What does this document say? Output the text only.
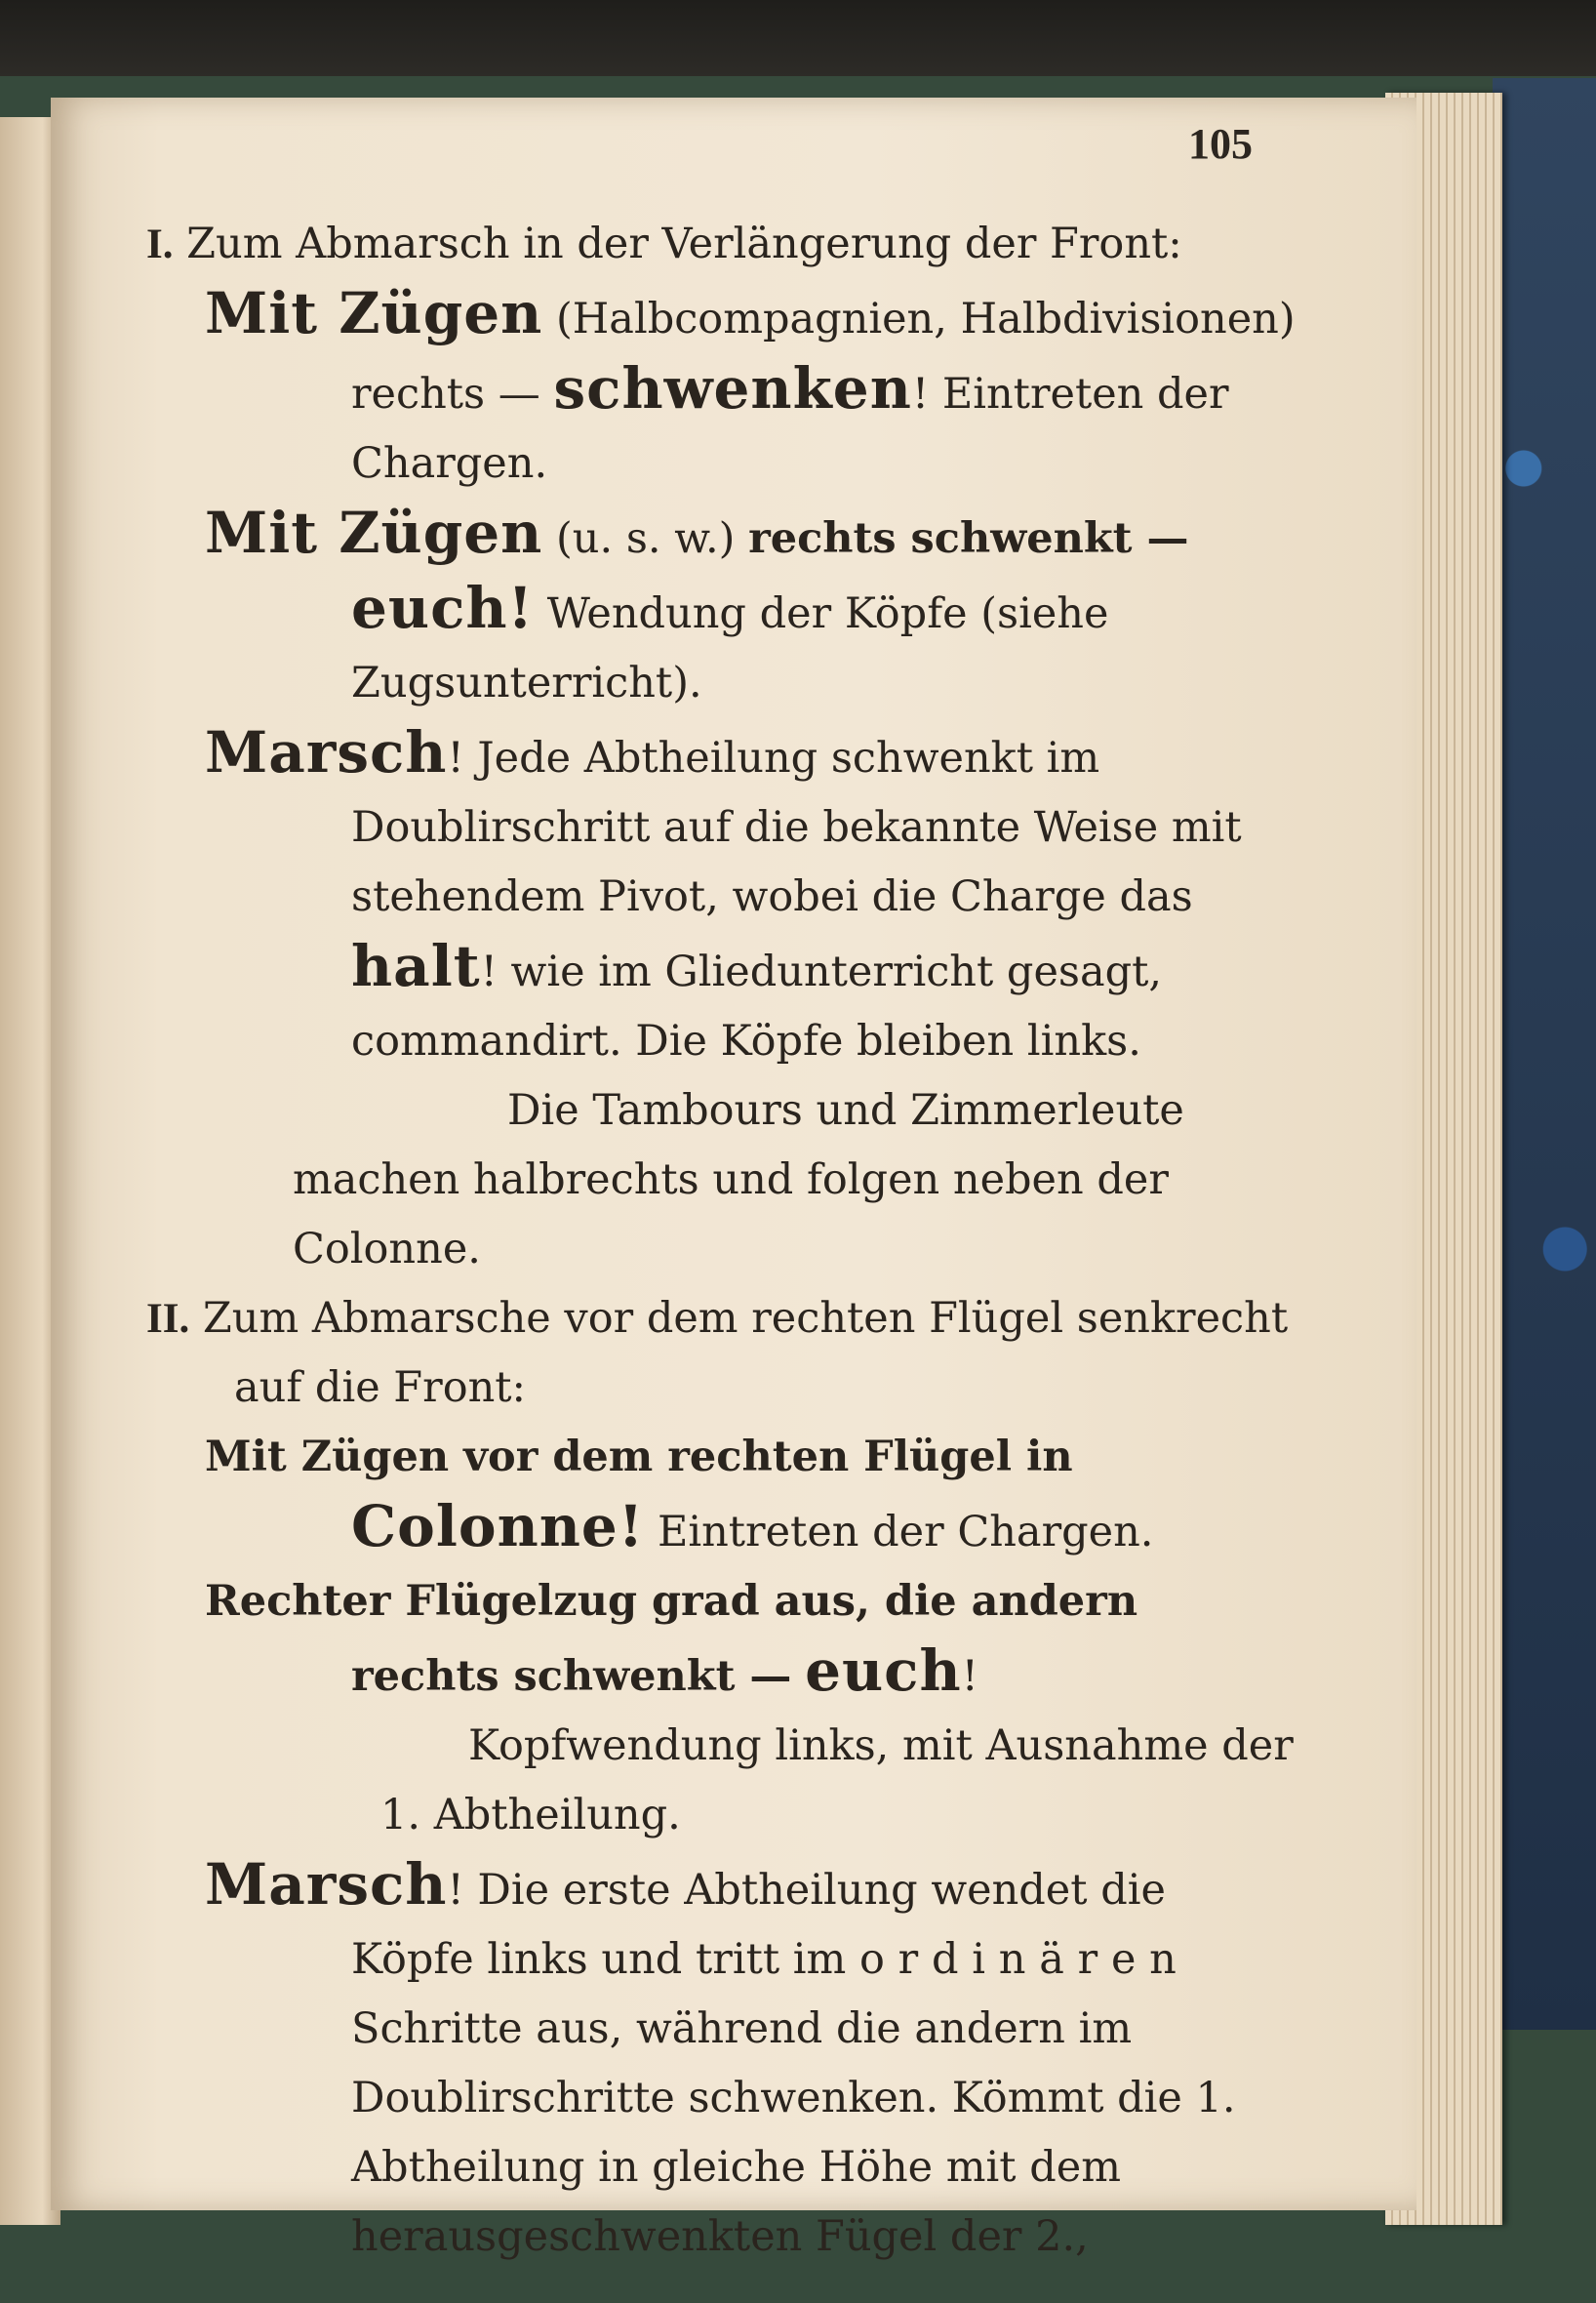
105

I. Zum Abmarsch in der Verlängerung der Front:

Mit Zügen (Halbcompagnien, Halbdivisionen) rechts — schwenken! Eintreten der Chargen.

Mit Zügen (u. s. w.) rechts schwenkt — euch! Wendung der Köpfe (siehe Zugsunterricht).

Marsch! Jede Abtheilung schwenkt im Doublirschritt auf die bekannte Weise mit stehendem Pivot, wobei die Charge das halt! wie im Gliedunterricht gesagt, commandirt. Die Köpfe bleiben links.

Die Tambours und Zimmerleute machen halbrechts und folgen neben der Colonne.

II. Zum Abmarsche vor dem rechten Flügel senkrecht auf die Front:

Mit Zügen vor dem rechten Flügel in Colonne! Eintreten der Chargen.

Rechter Flügelzug grad aus, die andern rechts schwenkt — euch!

Kopfwendung links, mit Ausnahme der 1. Abtheilung.

Marsch! Die erste Abtheilung wendet die Köpfe links und tritt im ordinären Schritte aus, während die andern im Doublirschritte schwenken. Kömmt die 1. Abtheilung in gleiche Höhe mit dem herausgeschwenkten Fügel der 2.,
